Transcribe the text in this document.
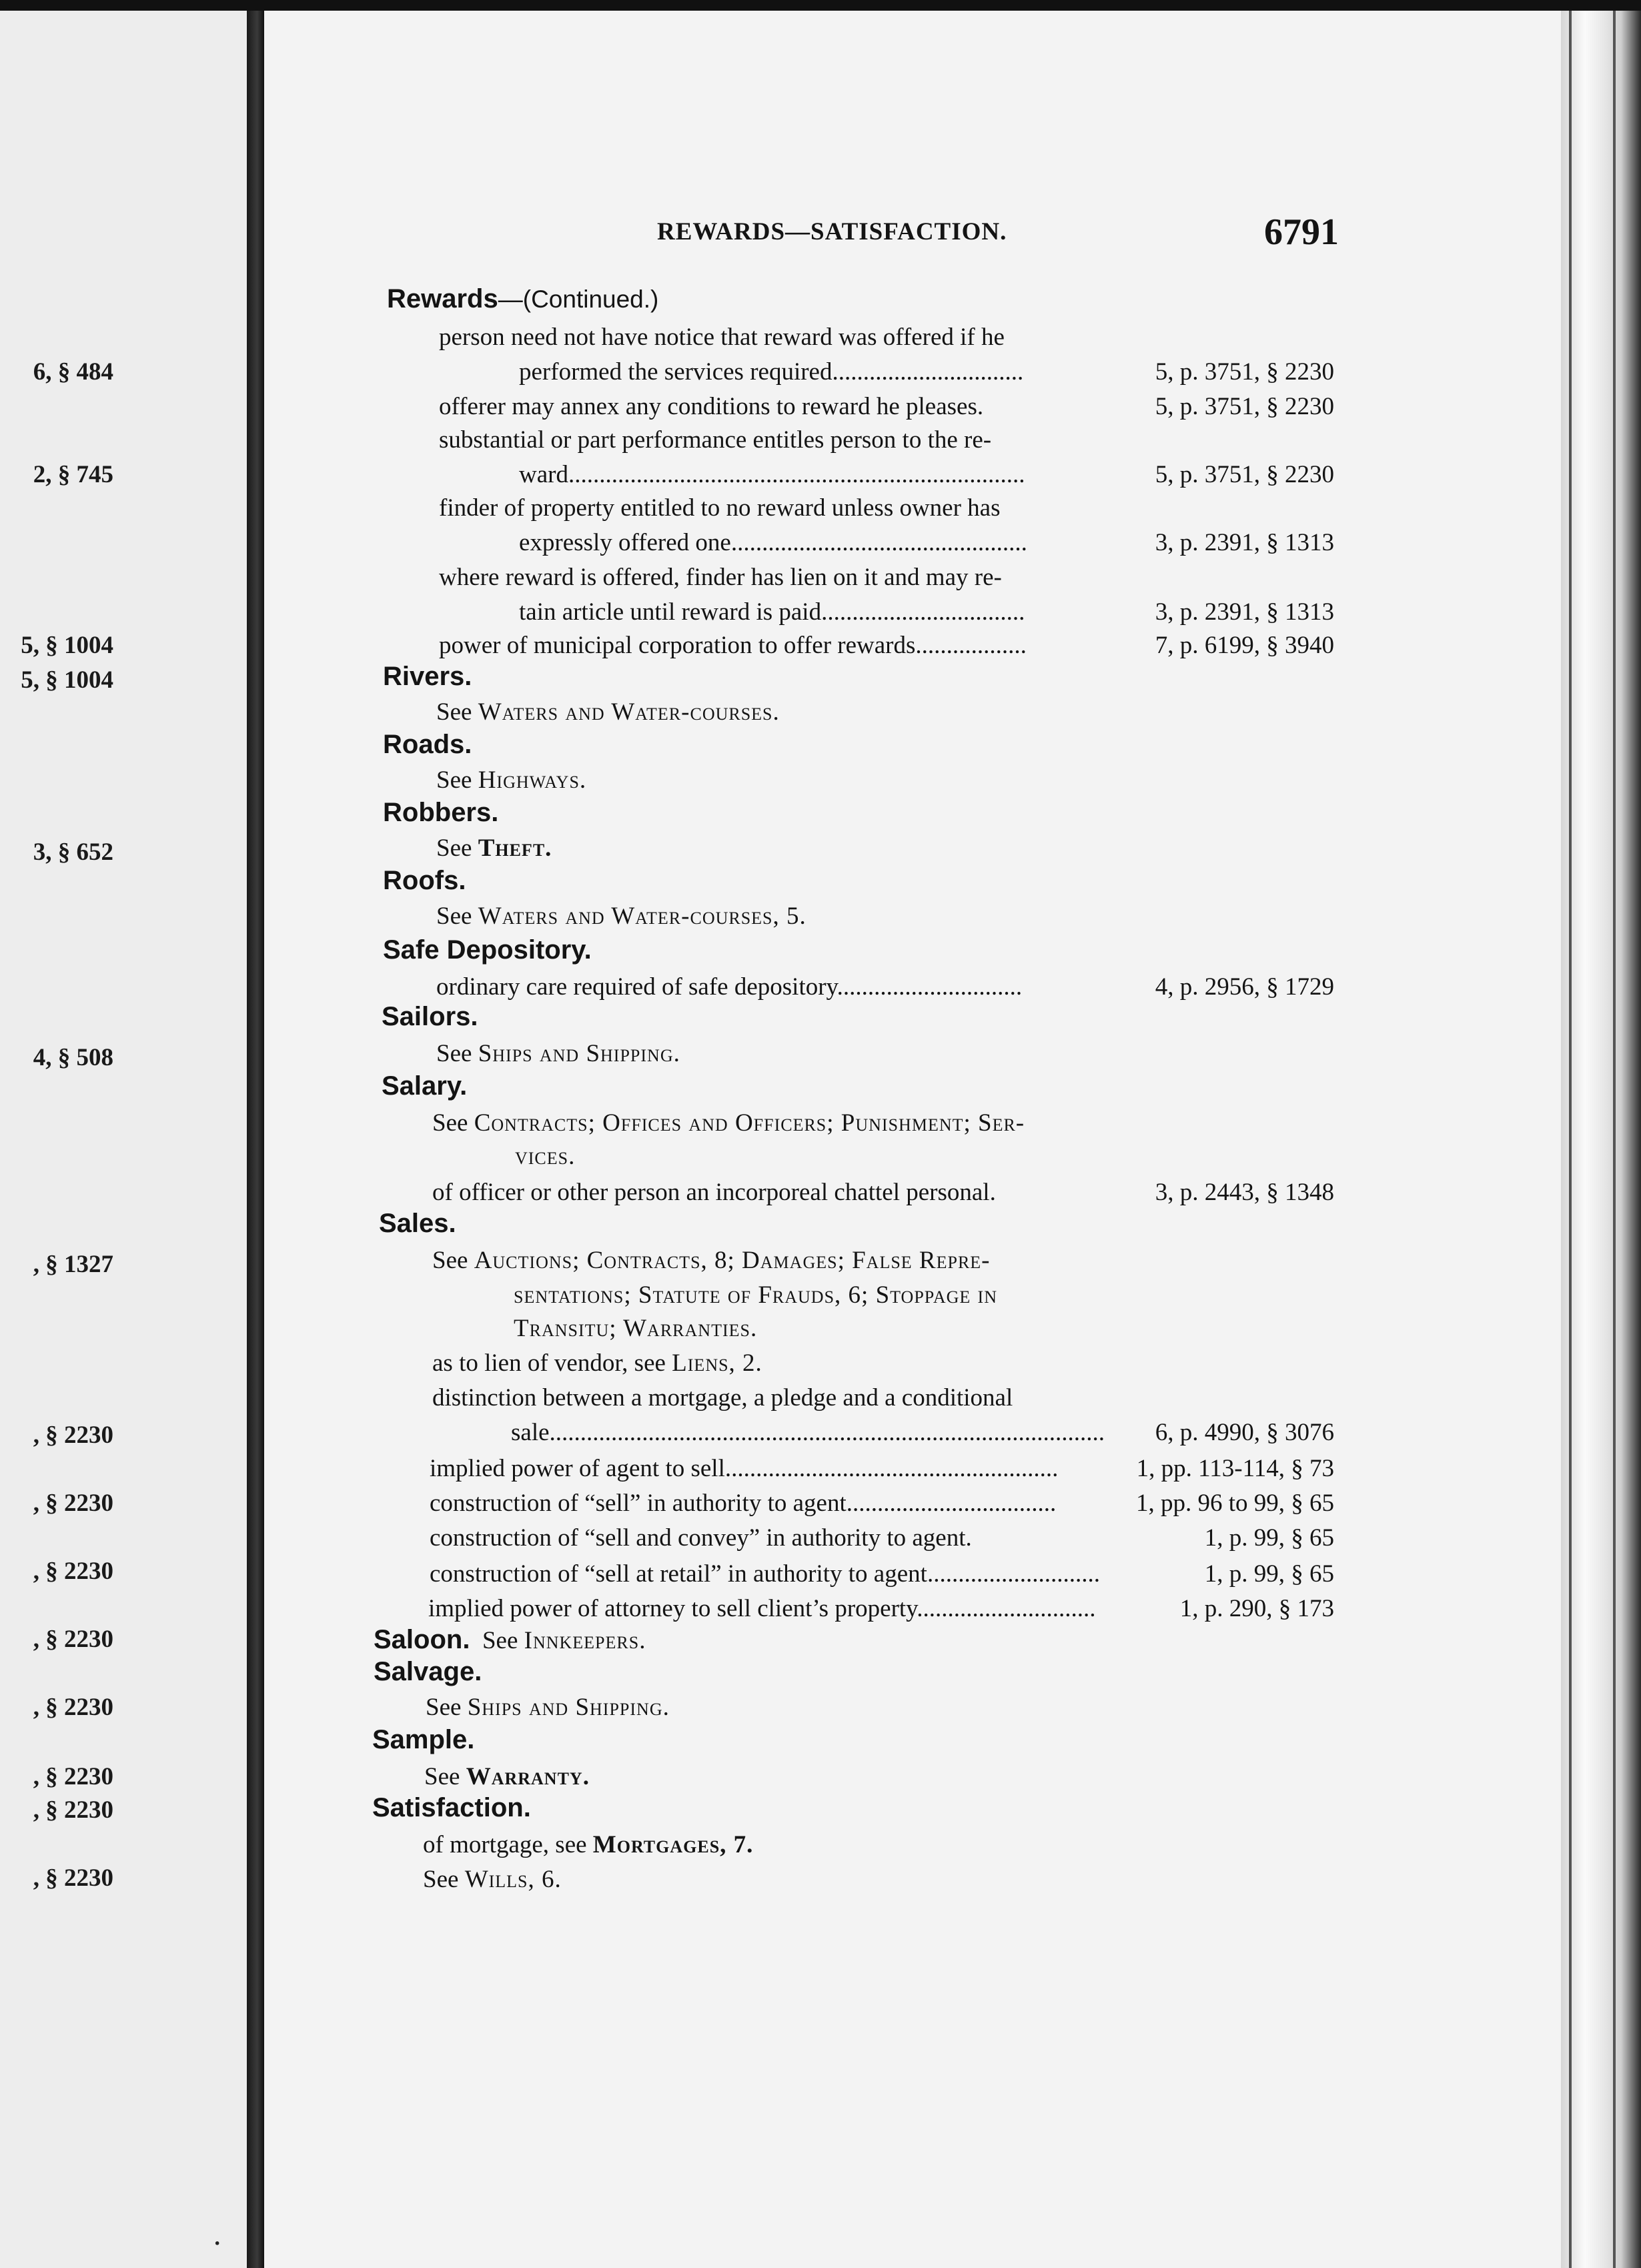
6, § 484
2, § 745
5, § 1004
5, § 1004
3, § 652
4, § 508
, § 1327
, § 2230
, § 2230
, § 2230
, § 2230
, § 2230
, § 2230
, § 2230
, § 2230
·
REWARDS—SATISFACTION.	6791
Rewards—(Continued.)
person need not have notice that reward was offered if he
performed the services required...............................	5, p. 3751, § 2230
offerer may annex any conditions to reward he pleases.	5, p. 3751, § 2230
substantial or part performance entitles person to the re-
ward..........................................................................	5, p. 3751, § 2230
finder of property entitled to no reward unless owner has
expressly offered one................................................	3, p. 2391, § 1313
where reward is offered, finder has lien on it and may re-
tain article until reward is paid.................................	3, p. 2391, § 1313
power of municipal corporation to offer rewards..................	7, p. 6199, § 3940
Rivers.
See Waters and Water-courses.
Roads.
See Highways.
Robbers.
See Theft.
Roofs.
See Waters and Water-courses, 5.
Safe Depository.
ordinary care required of safe depository..............................	4, p. 2956, § 1729
Sailors.
See Ships and Shipping.
Salary.
See Contracts; Offices and Officers; Punishment; Ser-
vices.
of officer or other person an incorporeal chattel personal.	3, p. 2443, § 1348
Sales.
See Auctions; Contracts, 8; Damages; False Repre-
sentations; Statute of Frauds, 6; Stoppage in
Transitu; Warranties.
as to lien of vendor, see Liens, 2.
distinction between a mortgage, a pledge and a conditional
sale.......................................................................................... 6, p. 4990, § 3076
implied power of agent to sell......................................................	1, pp. 113-114, § 73
construction of “sell” in authority to agent..................................	1, pp. 96 to 99, § 65
construction of “sell and convey” in authority to agent.	1, p. 99, § 65
construction of “sell at retail” in authority to agent............................	1, p. 99, § 65
implied power of attorney to sell client’s property.............................	1, p. 290, § 173
Saloon. See Innkeepers.
Salvage.
See Ships and Shipping.
Sample.
See Warranty.
Satisfaction.
of mortgage, see Mortgages, 7.
See Wills, 6.
